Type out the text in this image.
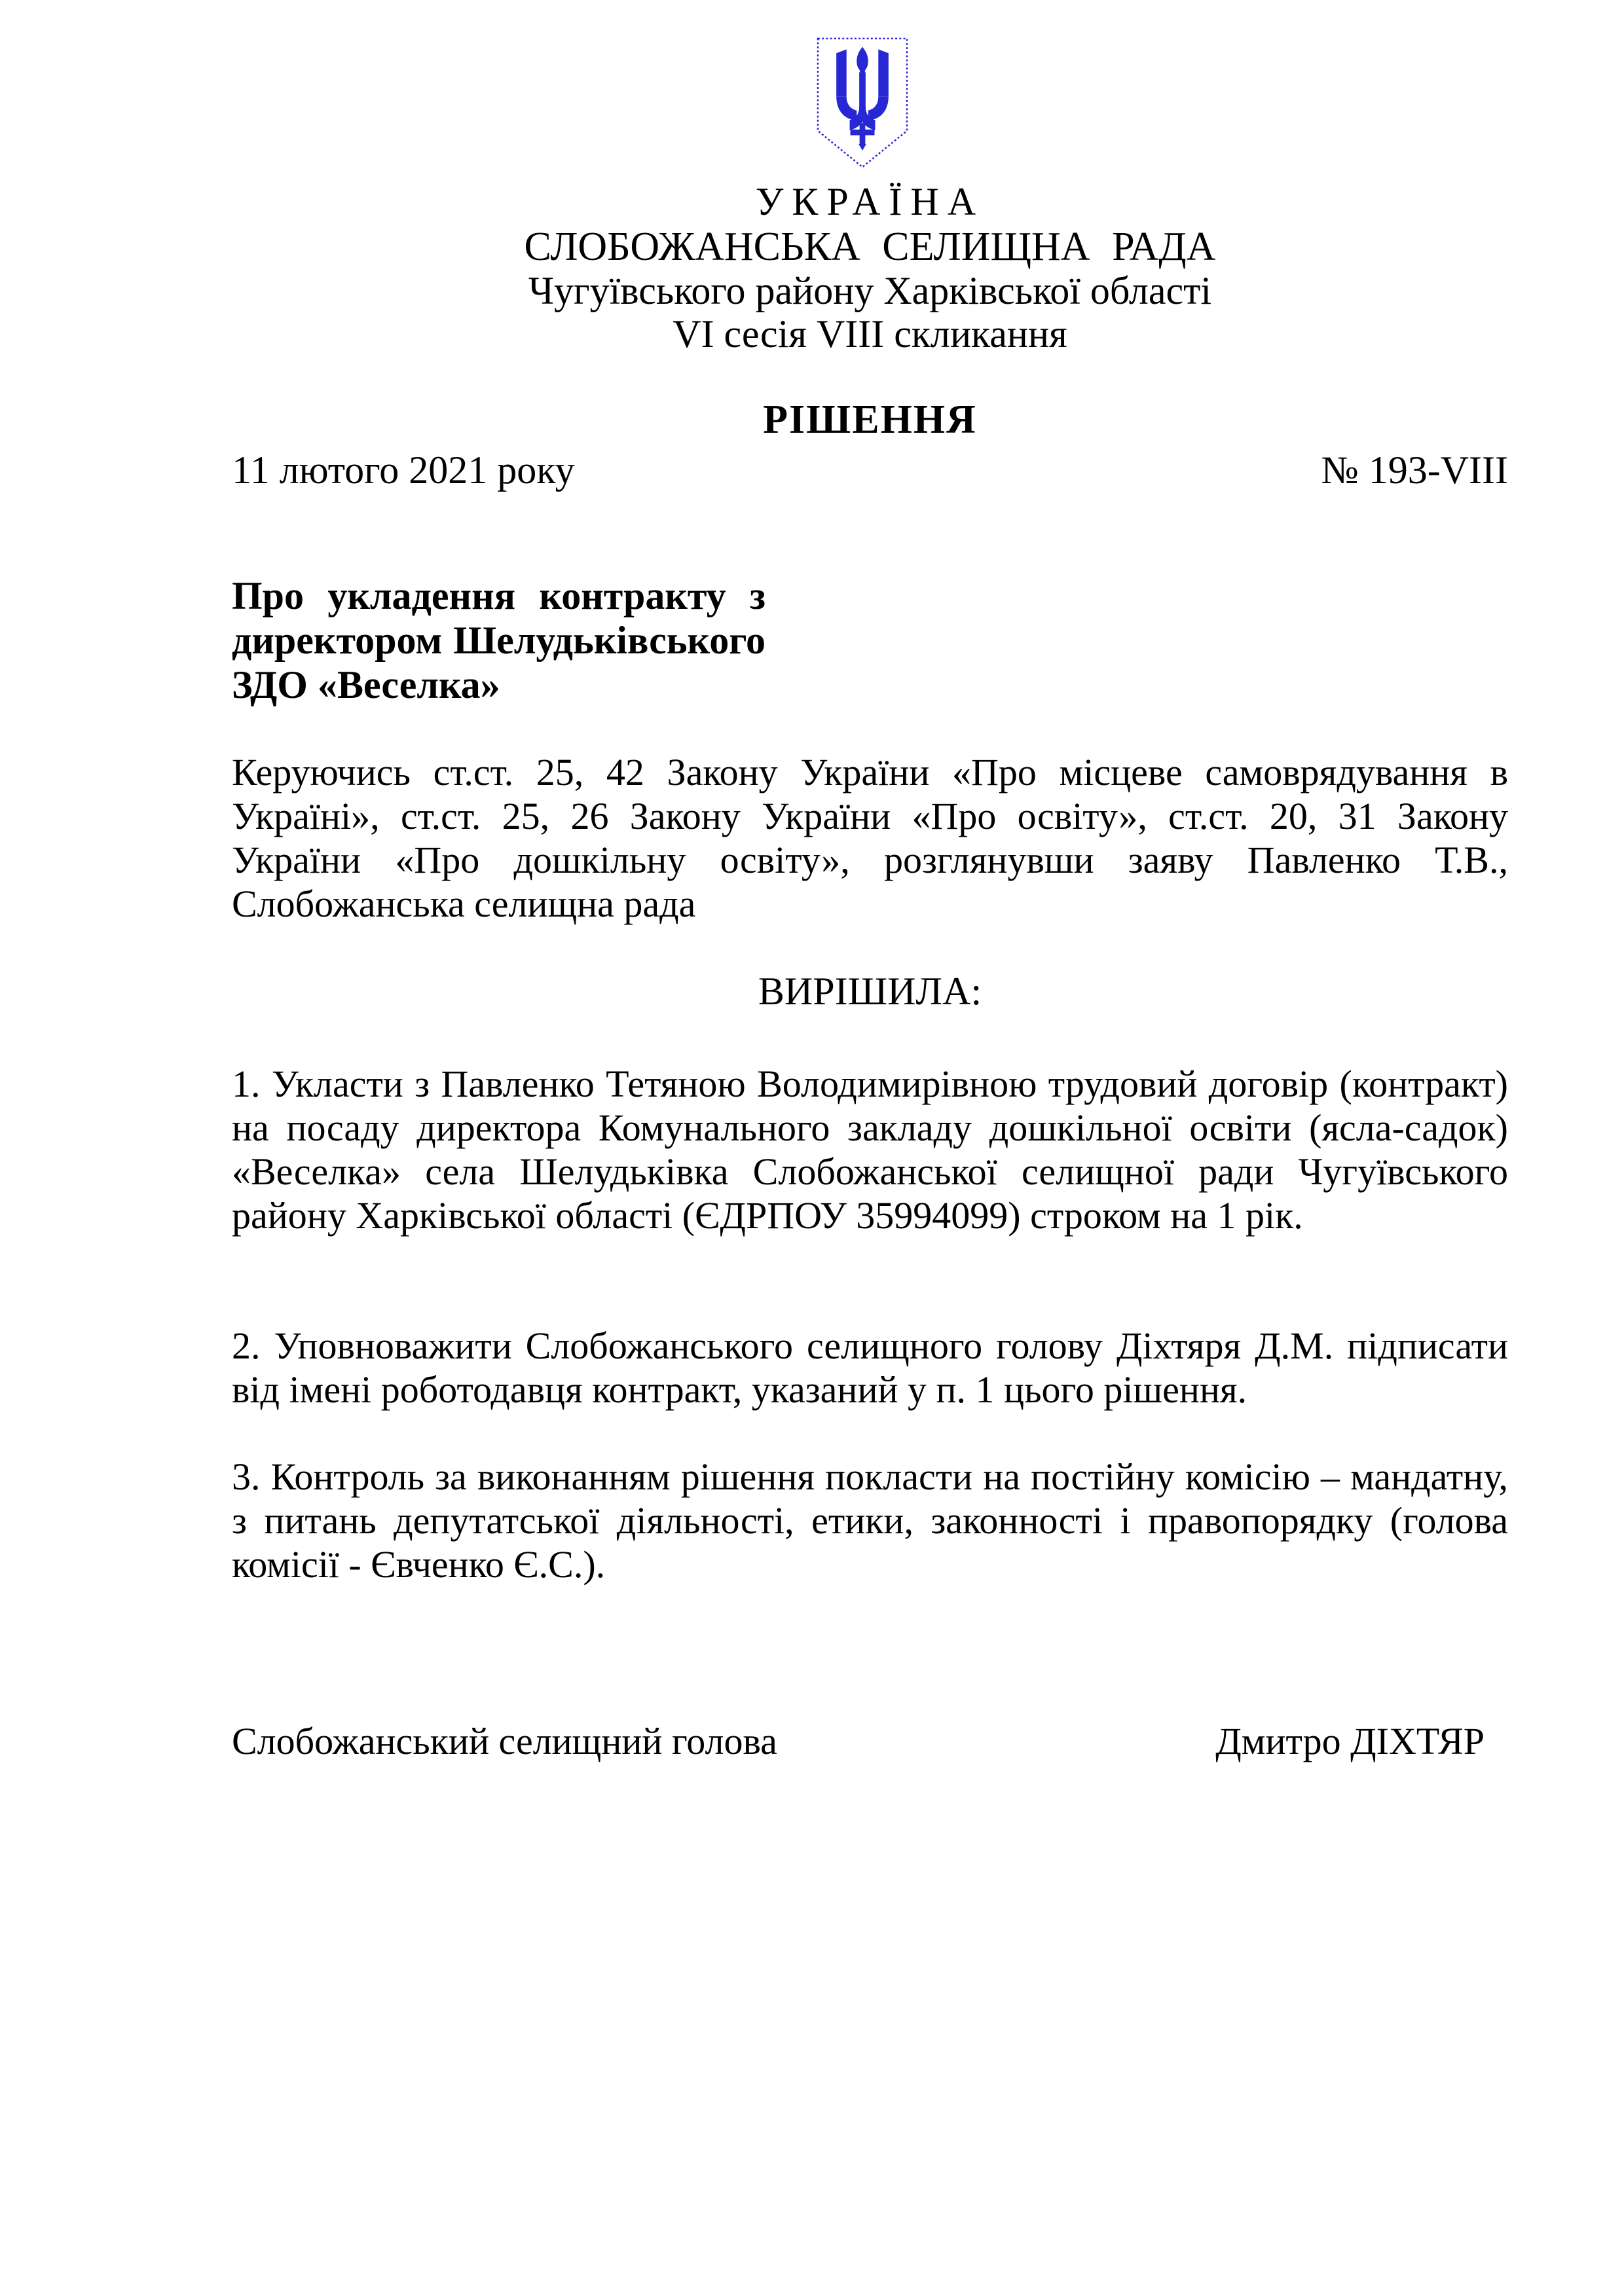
УКРАЇНА
СЛОБОЖАНСЬКА СЕЛИЩНА РАДА
Чугуївського району Харківської області
VI сесія VIII скликання
РІШЕННЯ
11 лютого 2021 року	№ 193-VIII
Про укладення контракту з директором Шелудьківського ЗДО «Веселка»
Керуючись ст.ст. 25, 42 Закону України «Про місцеве самоврядування в Україні», ст.ст. 25, 26 Закону України «Про освіту», ст.ст. 20, 31 Закону України «Про дошкільну освіту», розглянувши заяву Павленко Т.В., Слобожанська селищна рада
ВИРІШИЛА:
1. Укласти з Павленко Тетяною Володимирівною трудовий договір (контракт) на посаду директора Комунального закладу дошкільної освіти (ясла-садок) «Веселка» села Шелудьківка Слобожанської селищної ради Чугуївського району Харківської області (ЄДРПОУ 35994099) строком на 1 рік.
2. Уповноважити Слобожанського селищного голову Діхтяря Д.М. підписати від імені роботодавця контракт, указаний у п. 1 цього рішення.
3. Контроль за виконанням рішення покласти на постійну комісію – мандатну, з питань депутатської діяльності, етики, законності і правопорядку (голова комісії - Євченко Є.С.).
Слобожанський селищний голова	Дмитро ДІХТЯР
